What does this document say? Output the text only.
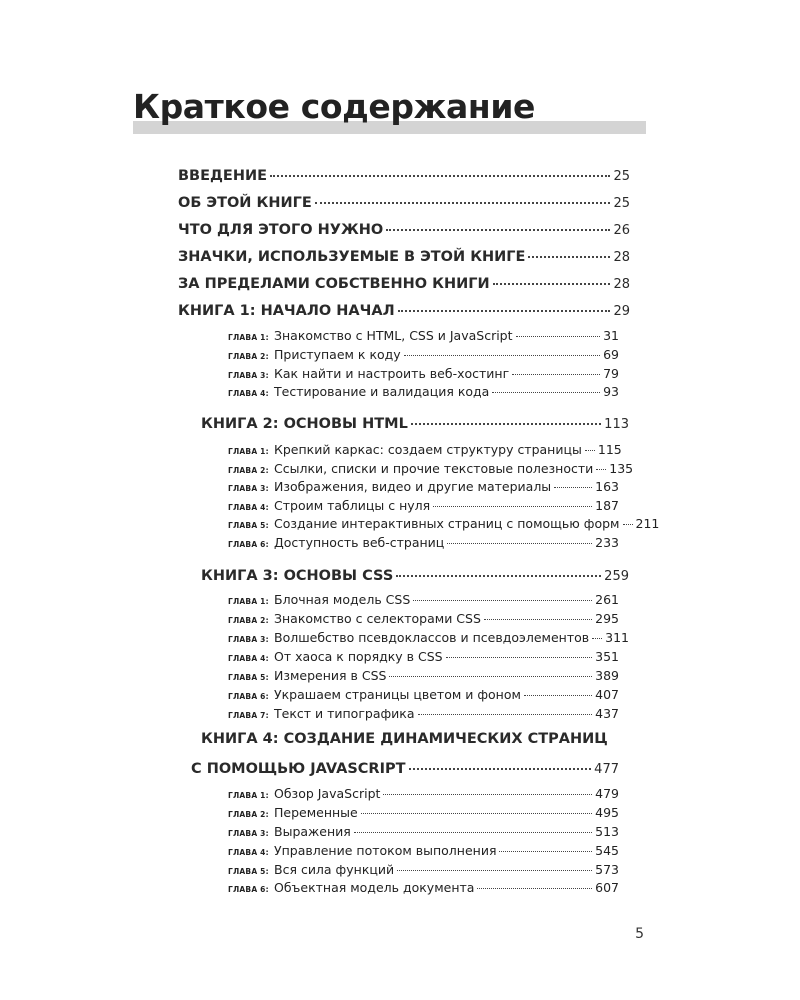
Краткое содержание
ВВЕДЕНИЕ	25
ОБ ЭТОЙ КНИГЕ	25
ЧТО ДЛЯ ЭТОГО НУЖНО	26
ЗНАЧКИ, ИСПОЛЬЗУЕМЫЕ В ЭТОЙ КНИГЕ	28
ЗА ПРЕДЕЛАМИ СОБСТВЕННО КНИГИ	28
КНИГА 1: НАЧАЛО НАЧАЛ	29
ГЛАВА 1: Знакомство с HTML, CSS и JavaScript	31
ГЛАВА 2: Приступаем к коду	69
ГЛАВА 3: Как найти и настроить веб-хостинг	79
ГЛАВА 4: Тестирование и валидация кода	93
КНИГА 2: ОСНОВЫ HTML	113
ГЛАВА 1: Крепкий каркас: создаем структуру страницы 115
ГЛАВА 2: Ссылки, списки и прочие текстовые полезности 135
ГЛАВА 3: Изображения, видео и другие материалы	163
ГЛАВА 4: Строим таблицы с нуля	187
ГЛАВА 5: Создание интерактивных страниц с помощью форм 211
ГЛАВА 6: Доступность веб-страниц	233
КНИГА 3: ОСНОВЫ CSS	259
ГЛАВА 1: Блочная модель CSS	261
ГЛАВА 2: Знакомство с селекторами CSS	295
ГЛАВА 3: Волшебство псевдоклассов и псевдоэлементов 311
ГЛАВА 4: От хаоса к порядку в CSS	351
ГЛАВА 5: Измерения в CSS	389
ГЛАВА 6: Украшаем страницы цветом и фоном	407
ГЛАВА 7: Текст и типографика	437
КНИГА 4: СОЗДАНИЕ ДИНАМИЧЕСКИХ СТРАНИЦ
С ПОМОЩЬЮ JAVASCRIPT	477
ГЛАВА 1: Обзор JavaScript	479
ГЛАВА 2: Переменные	495
ГЛАВА 3: Выражения	513
ГЛАВА 4: Управление потоком выполнения	545
ГЛАВА 5: Вся сила функций	573
ГЛАВА 6: Объектная модель документа	607
5
